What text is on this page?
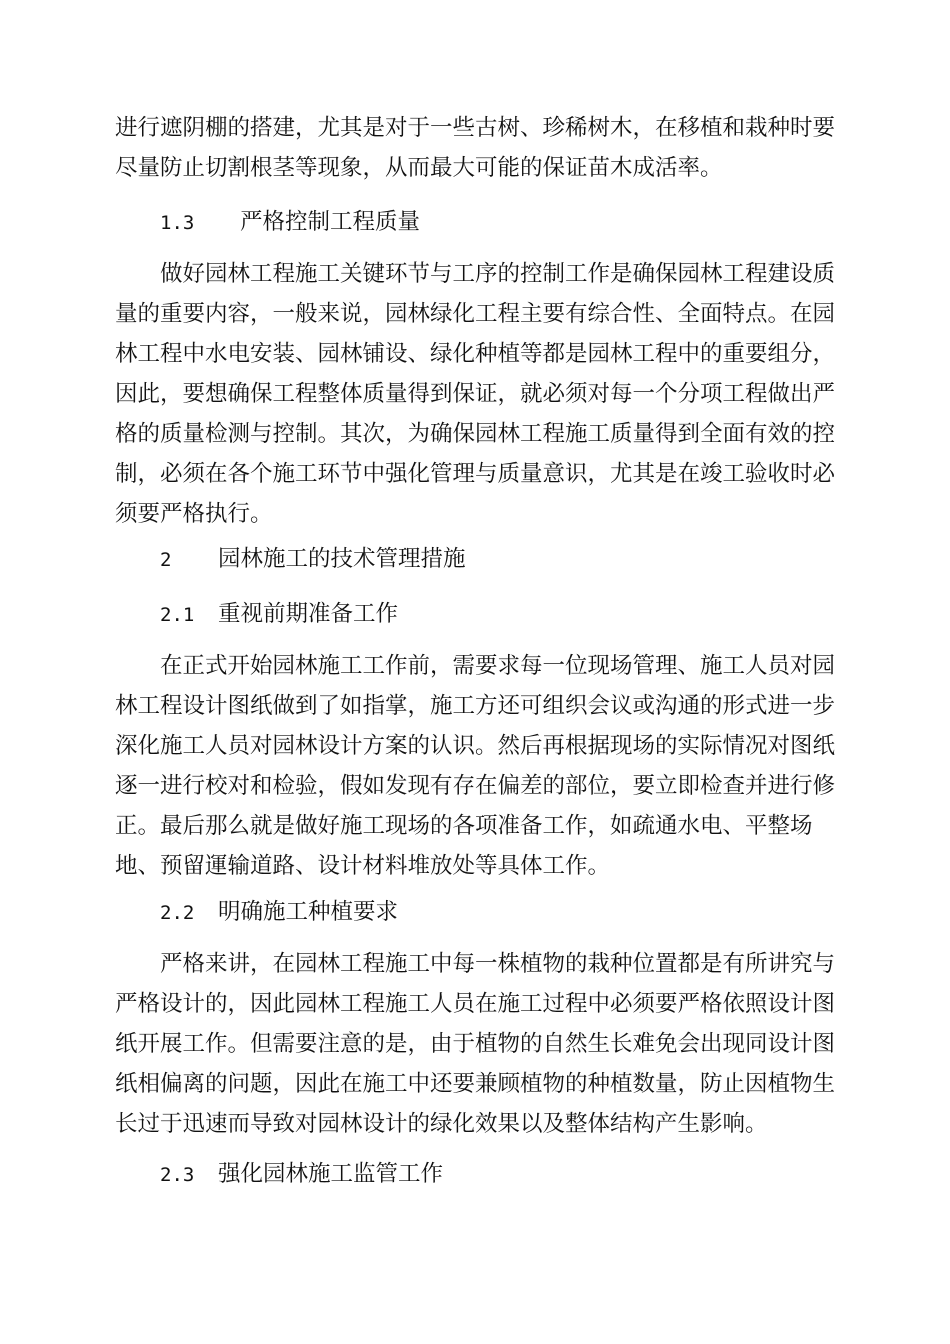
进行遮阴棚的搭建，尤其是对于一些古树、珍稀树木，在移植和栽种时要
尽量防止切割根茎等现象，从而最大可能的保证苗木成活率。
1.3 严格控制工程质量
　　做好园林工程施工关键环节与工序的控制工作是确保园林工程建设质
量的重要内容，一般来说，园林绿化工程主要有综合性、全面特点。在园
林工程中水电安装、园林铺设、绿化种植等都是园林工程中的重要组分，
因此，要想确保工程整体质量得到保证，就必须对每一个分项工程做出严
格的质量检测与控制。其次，为确保园林工程施工质量得到全面有效的控
制，必须在各个施工环节中强化管理与质量意识，尤其是在竣工验收时必
须要严格执行。
2 园林施工的技术管理措施
2.1 重视前期准备工作
　　在正式开始园林施工工作前，需要求每一位现场管理、施工人员对园
林工程设计图纸做到了如指掌，施工方还可组织会议或沟通的形式进一步
深化施工人员对园林设计方案的认识。然后再根据现场的实际情况对图纸
逐一进行校对和检验，假如发现有存在偏差的部位，要立即检查并进行修
正。最后那么就是做好施工现场的各项准备工作，如疏通水电、平整场
地、预留運输道路、设计材料堆放处等具体工作。
2.2 明确施工种植要求
　　严格来讲，在园林工程施工中每一株植物的栽种位置都是有所讲究与
严格设计的，因此园林工程施工人员在施工过程中必须要严格依照设计图
纸开展工作。但需要注意的是，由于植物的自然生长难免会出现同设计图
纸相偏离的问题，因此在施工中还要兼顾植物的种植数量，防止因植物生
长过于迅速而导致对园林设计的绿化效果以及整体结构产生影响。
2.3 强化园林施工监管工作
